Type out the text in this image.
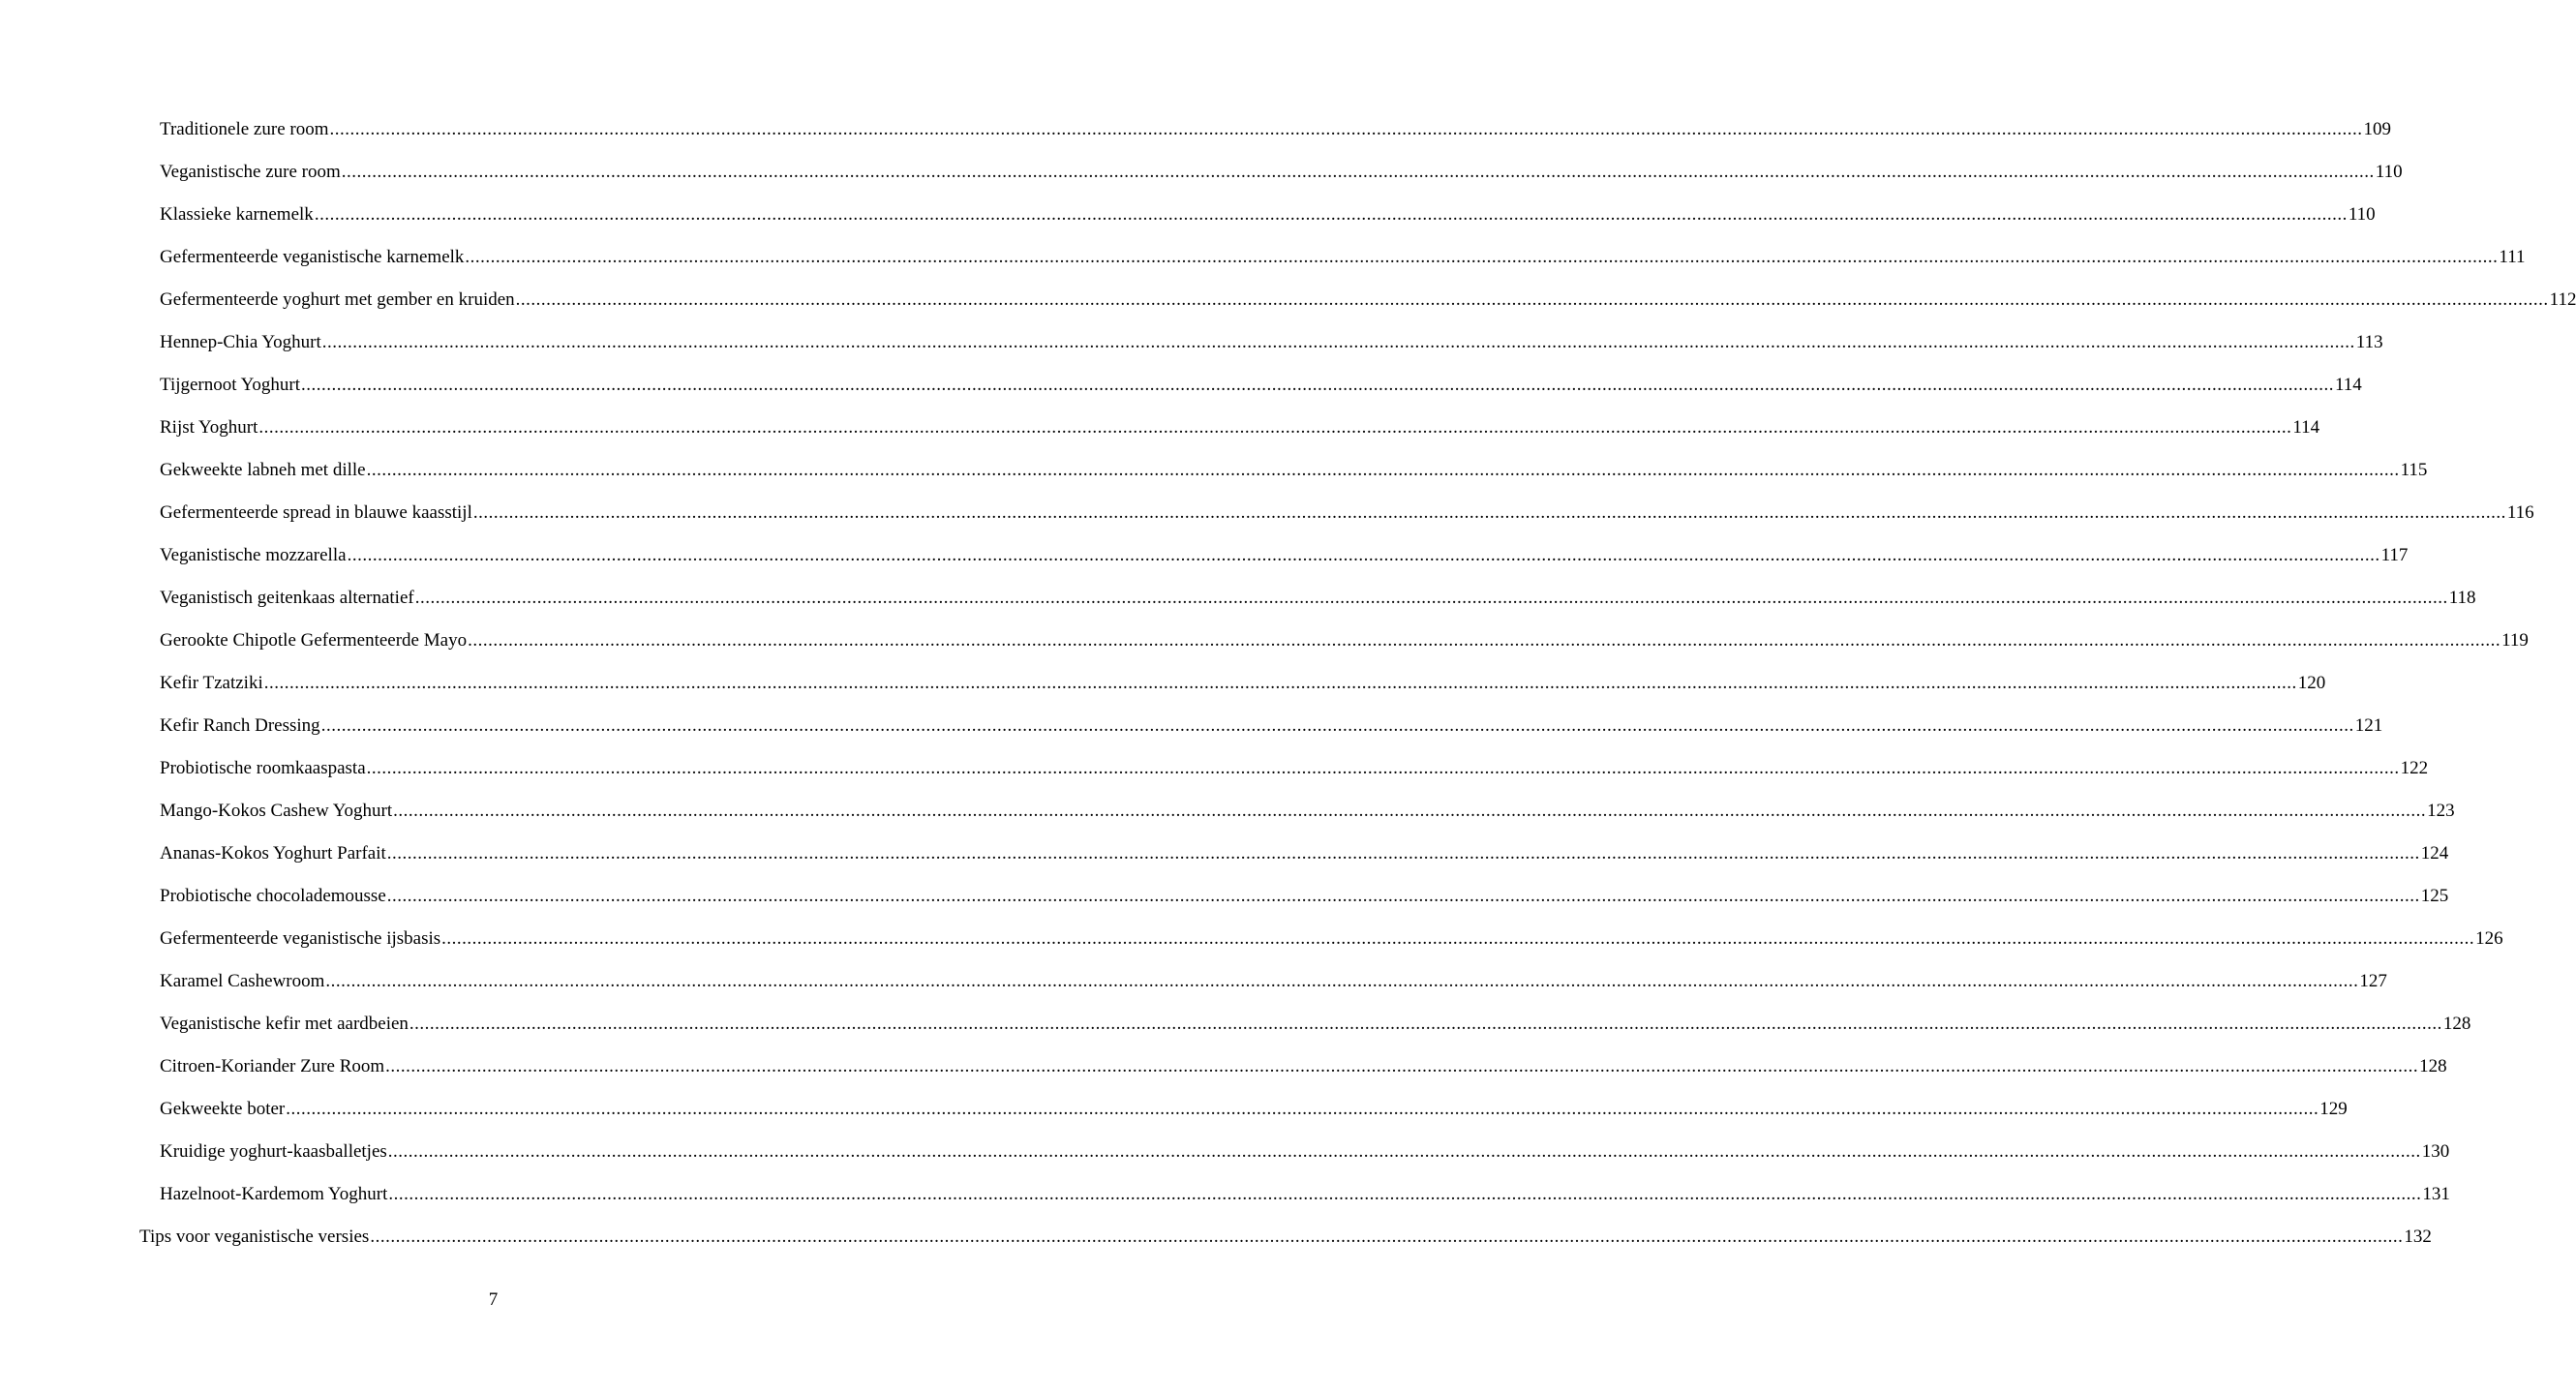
Traditionele zure room ................................................................................................................................................................................................................................................................................................................................................................................................................ 109
Veganistische zure room ................................................................................................................................................................................................................................................................................................................................................................................................................ 110
Klassieke karnemelk ................................................................................................................................................................................................................................................................................................................................................................................................................ 110
Gefermenteerde veganistische karnemelk ................................................................................................................................................................................................................................................................................................................................................................................................................ 111
Gefermenteerde yoghurt met gember en kruiden ................................................................................................................................................................................................................................................................................................................................................................................................................ 112
Hennep-Chia Yoghurt ................................................................................................................................................................................................................................................................................................................................................................................................................ 113
Tijgernoot Yoghurt ................................................................................................................................................................................................................................................................................................................................................................................................................ 114
Rijst Yoghurt ................................................................................................................................................................................................................................................................................................................................................................................................................ 114
Gekweekte labneh met dille ................................................................................................................................................................................................................................................................................................................................................................................................................ 115
Gefermenteerde spread in blauwe kaasstijl ................................................................................................................................................................................................................................................................................................................................................................................................................ 116
Veganistische mozzarella ................................................................................................................................................................................................................................................................................................................................................................................................................ 117
Veganistisch geitenkaas alternatief ................................................................................................................................................................................................................................................................................................................................................................................................................ 118
Gerookte Chipotle Gefermenteerde Mayo ................................................................................................................................................................................................................................................................................................................................................................................................................ 119
Kefir Tzatziki ................................................................................................................................................................................................................................................................................................................................................................................................................ 120
Kefir Ranch Dressing ................................................................................................................................................................................................................................................................................................................................................................................................................ 121
Probiotische roomkaaspasta ................................................................................................................................................................................................................................................................................................................................................................................................................ 122
Mango-Kokos Cashew Yoghurt ................................................................................................................................................................................................................................................................................................................................................................................................................ 123
Ananas-Kokos Yoghurt Parfait ................................................................................................................................................................................................................................................................................................................................................................................................................ 124
Probiotische chocolademousse ................................................................................................................................................................................................................................................................................................................................................................................................................ 125
Gefermenteerde veganistische ijsbasis ................................................................................................................................................................................................................................................................................................................................................................................................................ 126
Karamel Cashewroom ................................................................................................................................................................................................................................................................................................................................................................................................................ 127
Veganistische kefir met aardbeien ................................................................................................................................................................................................................................................................................................................................................................................................................ 128
Citroen-Koriander Zure Room ................................................................................................................................................................................................................................................................................................................................................................................................................ 128
Gekweekte boter ................................................................................................................................................................................................................................................................................................................................................................................................................ 129
Kruidige yoghurt-kaasballetjes ................................................................................................................................................................................................................................................................................................................................................................................................................ 130
Hazelnoot-Kardemom Yoghurt ................................................................................................................................................................................................................................................................................................................................................................................................................ 131
Tips voor veganistische versies ................................................................................................................................................................................................................................................................................................................................................................................................................ 132
7
